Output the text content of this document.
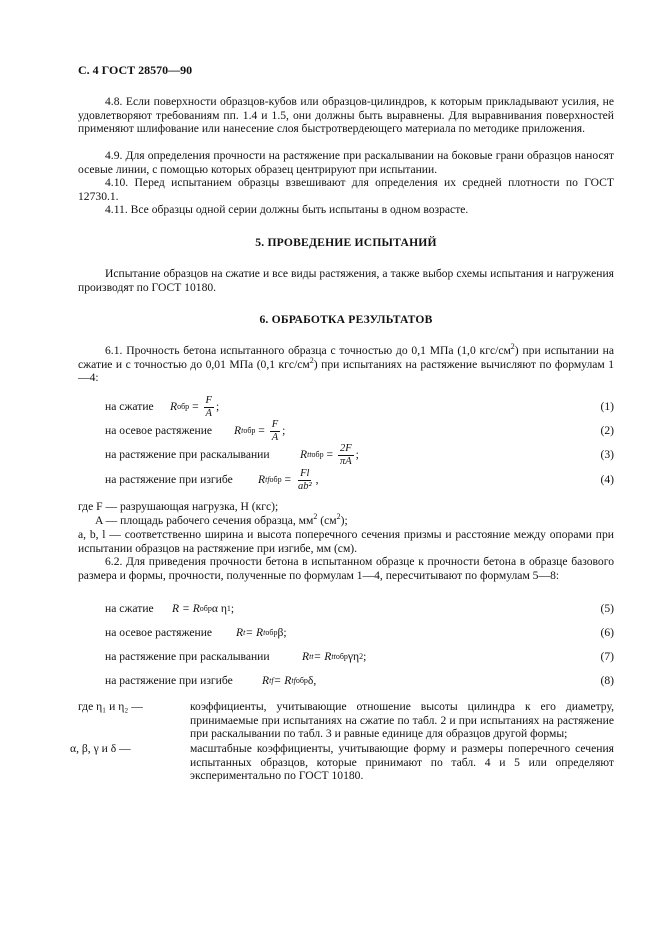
С. 4 ГОСТ 28570—90
4.8. Если поверхности образцов-кубов или образцов-цилиндров, к которым прикладывают усилия, не удовлетворяют требованиям пп. 1.4 и 1.5, они должны быть выравнены. Для выравнивания поверхностей применяют шлифование или нанесение слоя быстротвердеющего материала по методике приложения.
4.9. Для определения прочности на растяжение при раскалывании на боковые грани образцов наносят осевые линии, с помощью которых образец центрируют при испытании.
4.10. Перед испытанием образцы взвешивают для определения их средней плотности по ГОСТ 12730.1.
4.11. Все образцы одной серии должны быть испытаны в одном возрасте.
5. ПРОВЕДЕНИЕ ИСПЫТАНИЙ
Испытание образцов на сжатие и все виды растяжения, а также выбор схемы испытания и нагружения производят по ГОСТ 10180.
6. ОБРАБОТКА РЕЗУЛЬТАТОВ
6.1. Прочность бетона испытанного образца с точностью до 0,1 МПа (1,0 кгс/$см^2$) при испытании на сжатие и с точностью до 0,01 МПа (0,1 кгс/$см^2$) при испытаниях на растяжение вычисляют по формулам 1—4:
на сжатие R обр = $\frac{F}{A}$ ;	(1)
на осевое растяжение R t обр = $\frac{F}{A}$ ;	(2)
на растяжение при раскалывании	R tt обр = $\frac{2F}{\pi A}$ ;	(3)
на растяжение при изгибе R tf обр = $\frac{Fl}{\text{ab²}}$ ,	(4)
где F — разрушающая нагрузка, Н (кгс);
A — площадь рабочего сечения образца, $мм^2$ $(см^2)$;
a, b, l — соответственно ширина и высота поперечного сечения призмы и расстояние между опорами при испытании образцов на растяжение при изгибе, мм (см).
6.2. Для приведения прочности бетона в испытанном образце к прочности бетона в образце базового размера и формы, прочности, полученные по формулам 1—4, пересчитывают по формулам 5—8:
на сжатие R = R обр α η 1 ;	(5)
на осевое растяжение R t = R t обр β ;	(6)
на растяжение при раскалывании	R tt = R tt обр γη 2 ;	(7)
на растяжение при изгибе	R tf = R tf обр δ ,	(8)
где η₁ и η₂ —	коэффициенты, учитывающие отношение высоты цилиндра к его диаметру, принимаемые при испытаниях на сжатие по табл. 2 и при испытаниях на растяжение при раскалывании по табл. 3 и равные единице для образцов другой формы;
α, β, γ и δ —	масштабные коэффициенты, учитывающие форму и размеры поперечного сечения испытанных образцов, которые принимают по табл. 4 и 5 или определяют экспериментально по ГОСТ 10180.
